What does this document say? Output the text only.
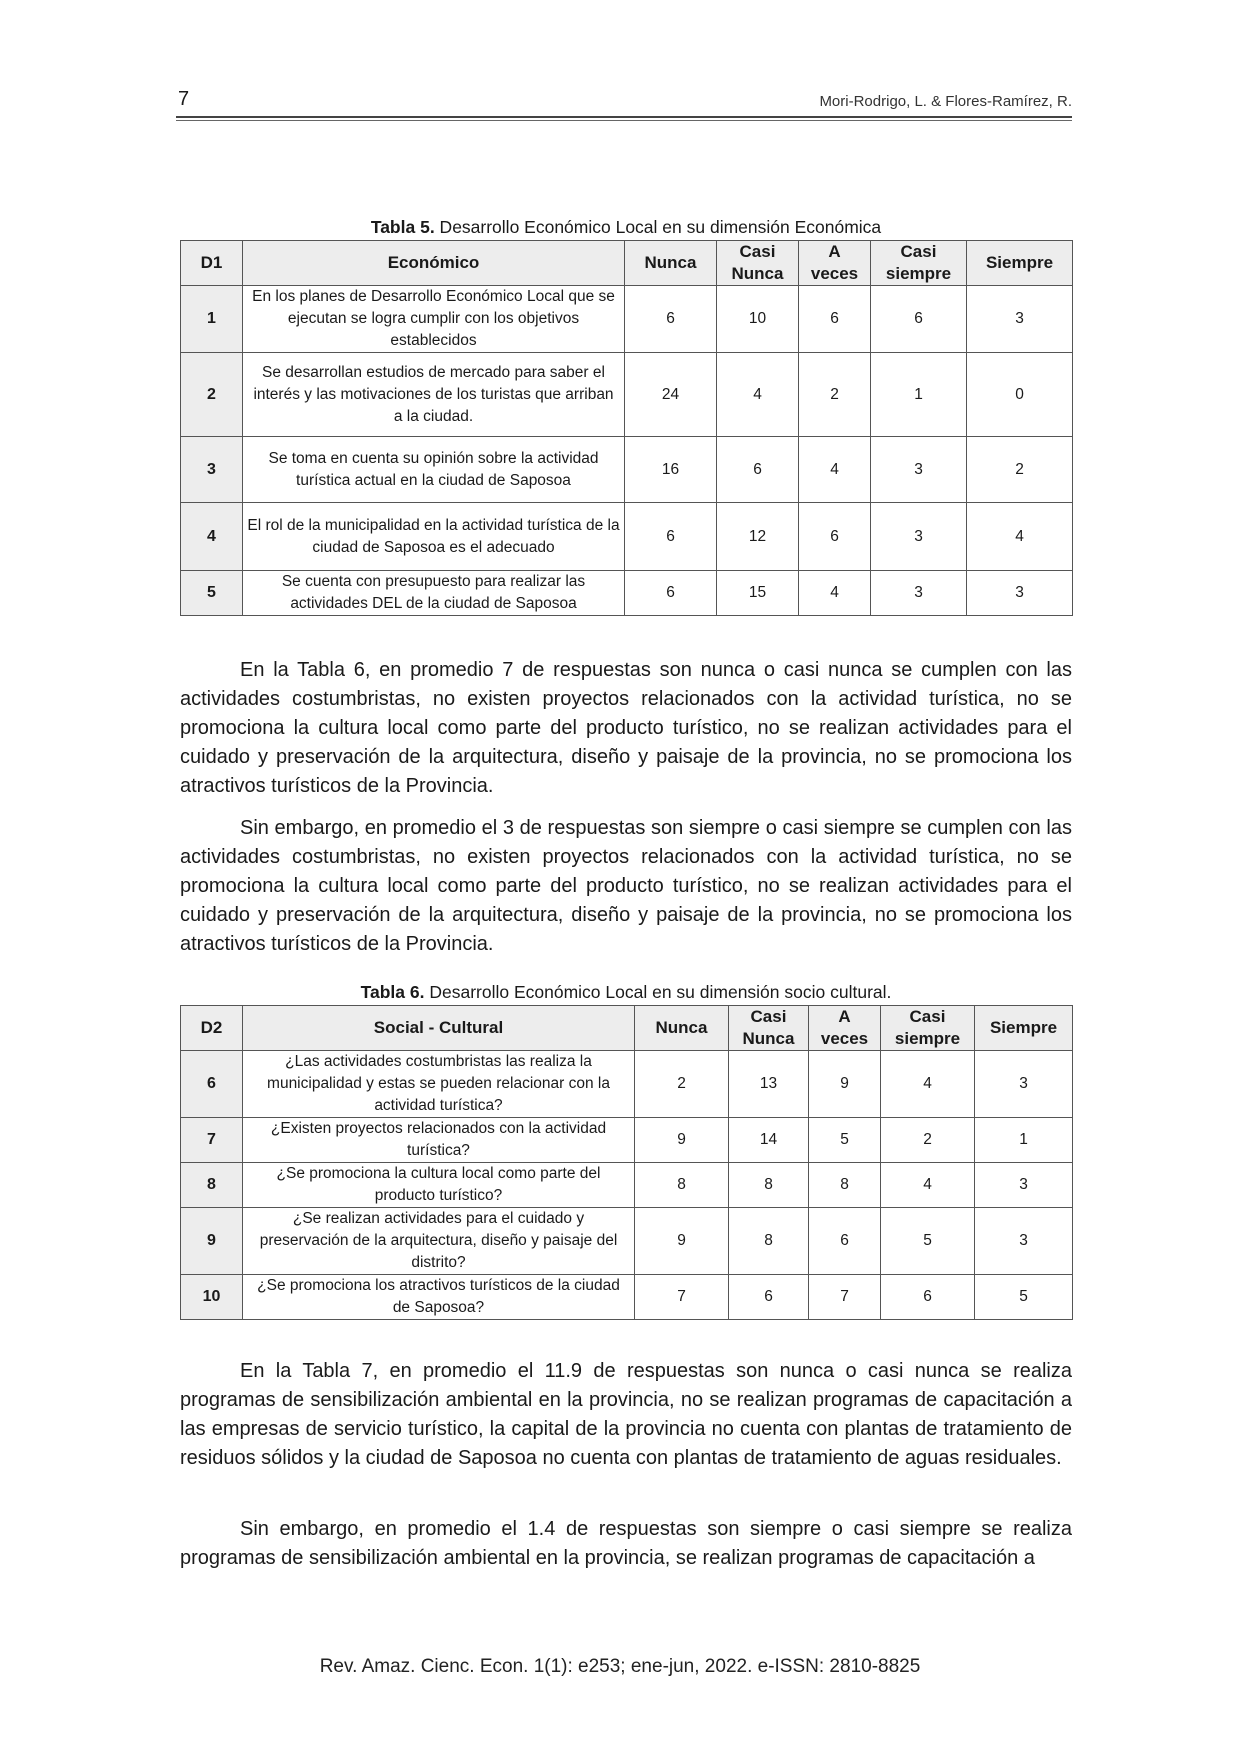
7	Mori-Rodrigo, L. & Flores-Ramírez, R.
Tabla 5. Desarrollo Económico Local en su dimensión Económica
D1	Económico	Nunca	Casi Nunca	A veces	Casi siempre	Siempre
1	En los planes de Desarrollo Económico Local que se ejecutan se logra cumplir con los objetivos establecidos	6	10	6	6	3
2	Se desarrollan estudios de mercado para saber el interés y las motivaciones de los turistas que arriban a la ciudad.	24	4	2	1	0
3	Se toma en cuenta su opinión sobre la actividad turística actual en la ciudad de Saposoa	16	6	4	3	2
4	El rol de la municipalidad en la actividad turística de la ciudad de Saposoa es el adecuado	6	12	6	3	4
5	Se cuenta con presupuesto para realizar las actividades DEL de la ciudad de Saposoa	6	15	4	3	3

En la Tabla 6, en promedio 7 de respuestas son nunca o casi nunca se cumplen con las actividades costumbristas, no existen proyectos relacionados con la actividad turística, no se promociona la cultura local como parte del producto turístico, no se realizan actividades para el cuidado y preservación de la arquitectura, diseño y paisaje de la provincia, no se promociona los atractivos turísticos de la Provincia.

Sin embargo, en promedio el 3 de respuestas son siempre o casi siempre se cumplen con las actividades costumbristas, no existen proyectos relacionados con la actividad turística, no se promociona la cultura local como parte del producto turístico, no se realizan actividades para el cuidado y preservación de la arquitectura, diseño y paisaje de la provincia, no se promociona los atractivos turísticos de la Provincia.

Tabla 6. Desarrollo Económico Local en su dimensión socio cultural.
D2	Social - Cultural	Nunca	Casi Nunca	A veces	Casi siempre	Siempre
6	¿Las actividades costumbristas las realiza la municipalidad y estas se pueden relacionar con la actividad turística?	2	13	9	4	3
7	¿Existen proyectos relacionados con la actividad turística?	9	14	5	2	1
8	¿Se promociona la cultura local como parte del producto turístico?	8	8	8	4	3
9	¿Se realizan actividades para el cuidado y preservación de la arquitectura, diseño y paisaje del distrito?	9	8	6	5	3
10	¿Se promociona los atractivos turísticos de la ciudad de Saposoa?	7	6	7	6	5

En la Tabla 7, en promedio el 11.9 de respuestas son nunca o casi nunca se realiza programas de sensibilización ambiental en la provincia, no se realizan programas de capacitación a las empresas de servicio turístico, la capital de la provincia no cuenta con plantas de tratamiento de residuos sólidos y la ciudad de Saposoa no cuenta con plantas de tratamiento de aguas residuales.

Sin embargo, en promedio el 1.4 de respuestas son siempre o casi siempre se realiza programas de sensibilización ambiental en la provincia, se realizan programas de capacitación a

Rev. Amaz. Cienc. Econ. 1(1): e253; ene-jun, 2022. e-ISSN: 2810-8825
